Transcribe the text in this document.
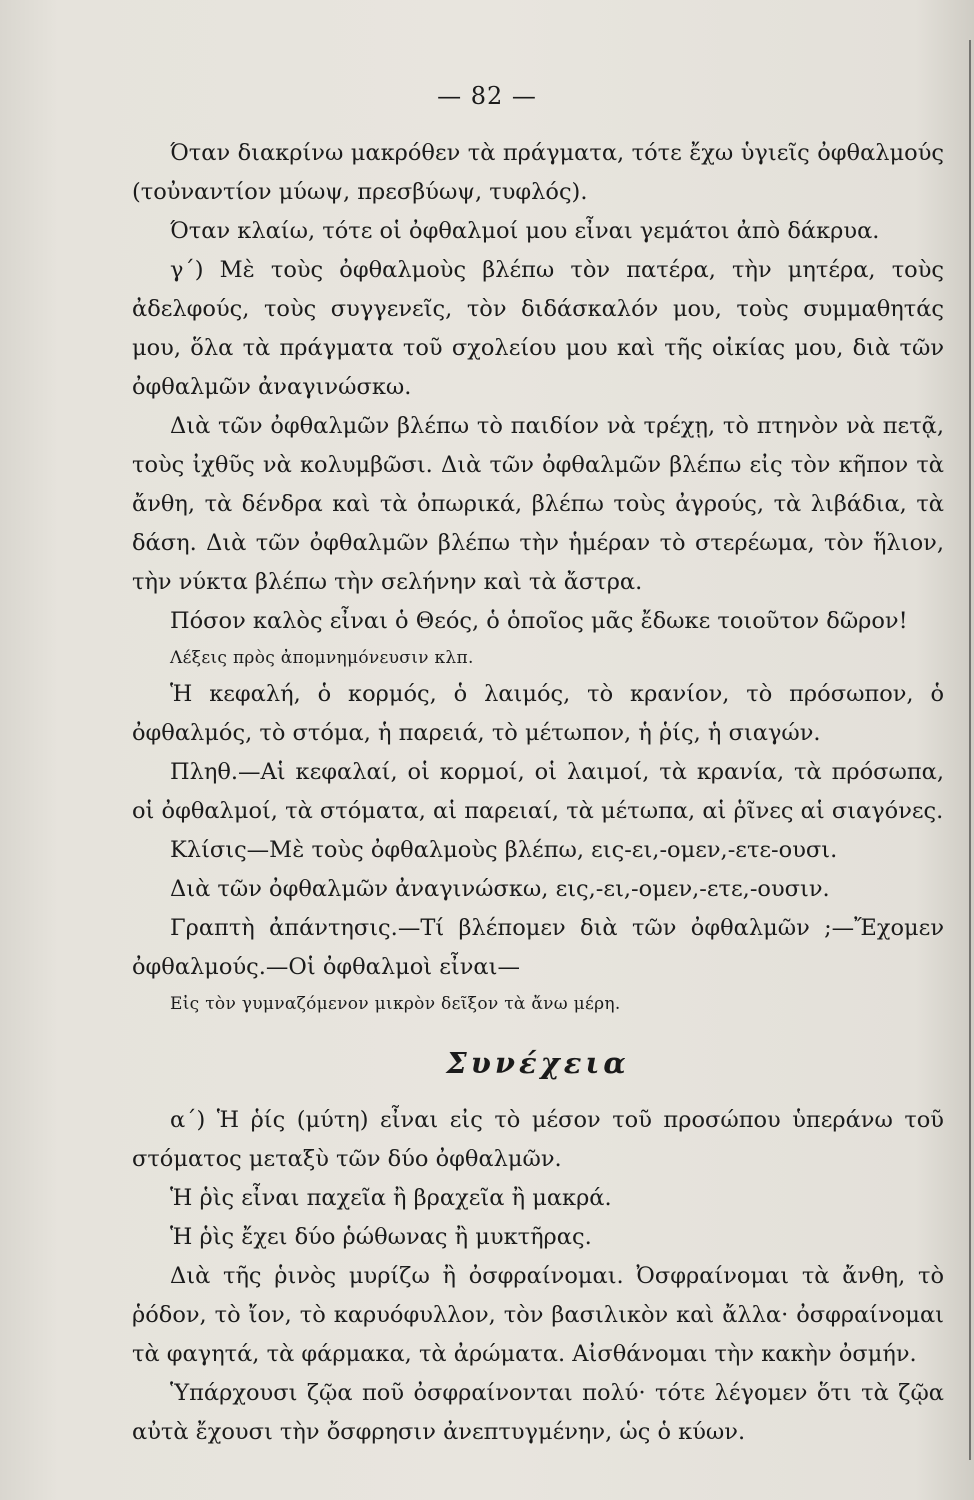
— 82 —

Όταν διακρίνω μακρόθεν τὰ πράγματα, τότε ἔχω ὑγιεῖς ὀφθαλμούς (τοὐναντίον μύωψ, πρεσβύωψ, τυφλός).

Όταν κλαίω, τότε οἱ ὀφθαλμοί μου εἶναι γεμάτοι ἀπὸ δάκρυα.

γ΄) Μὲ τοὺς ὀφθαλμοὺς βλέπω τὸν πατέρα, τὴν μητέρα, τοὺς ἀδελφούς, τοὺς συγγενεῖς, τὸν διδάσκαλόν μου, τοὺς συμμαθητάς μου, ὅλα τὰ πράγματα τοῦ σχολείου μου καὶ τῆς οἰκίας μου, διὰ τῶν ὀφθαλμῶν ἀναγινώσκω.

Διὰ τῶν ὀφθαλμῶν βλέπω τὸ παιδίον νὰ τρέχῃ, τὸ πτηνὸν νὰ πετᾷ, τοὺς ἰχθῦς νὰ κολυμβῶσι. Διὰ τῶν ὀφθαλμῶν βλέπω εἰς τὸν κῆπον τὰ ἄνθη, τὰ δένδρα καὶ τὰ ὀπωρικά, βλέπω τοὺς ἀγρούς, τὰ λιβάδια, τὰ δάση. Διὰ τῶν ὀφθαλμῶν βλέπω τὴν ἡμέραν τὸ στερέωμα, τὸν ἥλιον, τὴν νύκτα βλέπω τὴν σελήνην καὶ τὰ ἄστρα.

Πόσον καλὸς εἶναι ὁ Θεός, ὁ ὁποῖος μᾶς ἔδωκε τοιοῦτον δῶρον!

Λέξεις πρὸς ἀπομνημόνευσιν κλπ.

Ἡ κεφαλή, ὁ κορμός, ὁ λαιμός, τὸ κρανίον, τὸ πρόσωπον, ὁ ὀφθαλμός, τὸ στόμα, ἡ παρειά, τὸ μέτωπον, ἡ ῥίς, ἡ σιαγών.

Πληθ.—Αἱ κεφαλαί, οἱ κορμοί, οἱ λαιμοί, τὰ κρανία, τὰ πρόσωπα, οἱ ὀφθαλμοί, τὰ στόματα, αἱ παρειαί, τὰ μέτωπα, αἱ ῥῖνες αἱ σιαγόνες.

Κλίσις—Μὲ τοὺς ὀφθαλμοὺς βλέπω, εις-ει,-ομεν,-ετε-ουσι.

Διὰ τῶν ὀφθαλμῶν ἀναγινώσκω, εις,-ει,-ομεν,-ετε,-ουσιν.

Γραπτὴ ἀπάντησις.—Τί βλέπομεν διὰ τῶν ὀφθαλμῶν ;—Ἔχομεν ὀφθαλμούς.—Οἱ ὀφθαλμοὶ εἶναι—

Εἰς τὸν γυμναζόμενον μικρὸν δεῖξον τὰ ἄνω μέρη.

Συνέχεια

α΄) Ἡ ῥίς (μύτη) εἶναι εἰς τὸ μέσον τοῦ προσώπου ὑπεράνω τοῦ στόματος μεταξὺ τῶν δύο ὀφθαλμῶν.

Ἡ ῥὶς εἶναι παχεῖα ἢ βραχεῖα ἢ μακρά.

Ἡ ῥὶς ἔχει δύο ῥώθωνας ἢ μυκτῆρας.

Διὰ τῆς ῥινὸς μυρίζω ἢ ὀσφραίνομαι. Ὀσφραίνομαι τὰ ἄνθη, τὸ ῥόδον, τὸ ἴον, τὸ καρυόφυλλον, τὸν βασιλικὸν καὶ ἄλλα· ὀσφραίνομαι τὰ φαγητά, τὰ φάρμακα, τὰ ἀρώματα. Αἰσθάνομαι τὴν κακὴν ὀσμήν.

Ὑπάρχουσι ζῷα ποῦ ὀσφραίνονται πολύ· τότε λέγομεν ὅτι τὰ ζῷα αὐτὰ ἔχουσι τὴν ὄσφρησιν ἀνεπτυγμένην, ὡς ὁ κύων.
